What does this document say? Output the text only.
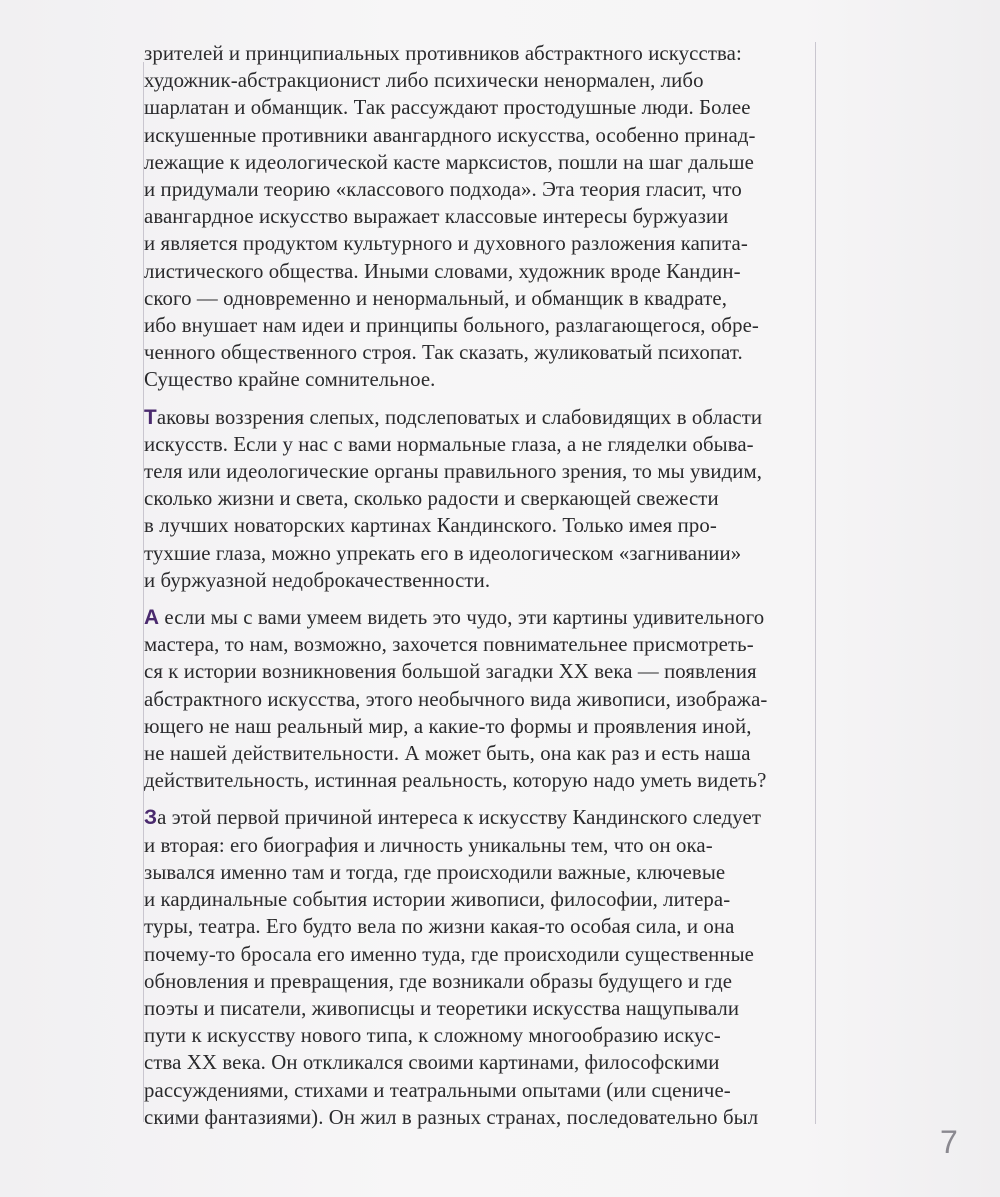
зрителей и принципиальных противников абстрактного искусства:
художник-абстракционист либо психически ненормален, либо
шарлатан и обманщик. Так рассуждают простодушные люди. Более
искушенные противники авангардного искусства, особенно принад-
лежащие к идеологической касте марксистов, пошли на шаг дальше
и придумали теорию «классового подхода». Эта теория гласит, что
авангардное искусство выражает классовые интересы буржуазии
и является продуктом культурного и духовного разложения капита-
листического общества. Иными словами, художник вроде Кандин-
ского — одновременно и ненормальный, и обманщик в квадрате,
ибо внушает нам идеи и принципы больного, разлагающегося, обре-
ченного общественного строя. Так сказать, жуликоватый психопат.
Существо крайне сомнительное.
Таковы воззрения слепых, подслеповатых и слабовидящих в области
искусств. Если у нас с вами нормальные глаза, а не гляделки обыва-
теля или идеологические органы правильного зрения, то мы увидим,
сколько жизни и света, сколько радости и сверкающей свежести
в лучших новаторских картинах Кандинского. Только имея про-
тухшие глаза, можно упрекать его в идеологическом «загнивании»
и буржуазной недоброкачественности.
А если мы с вами умеем видеть это чудо, эти картины удивительного
мастера, то нам, возможно, захочется повнимательнее присмотреть-
ся к истории возникновения большой загадки XX века — появления
абстрактного искусства, этого необычного вида живописи, изобража-
ющего не наш реальный мир, а какие-то формы и проявления иной,
не нашей действительности. А может быть, она как раз и есть наша
действительность, истинная реальность, которую надо уметь видеть?
За этой первой причиной интереса к искусству Кандинского следует
и вторая: его биография и личность уникальны тем, что он ока-
зывался именно там и тогда, где происходили важные, ключевые
и кардинальные события истории живописи, философии, литера-
туры, театра. Его будто вела по жизни какая-то особая сила, и она
почему-то бросала его именно туда, где происходили существенные
обновления и превращения, где возникали образы будущего и где
поэты и писатели, живописцы и теоретики искусства нащупывали
пути к искусству нового типа, к сложному многообразию искус-
ства XX века. Он откликался своими картинами, философскими
рассуждениями, стихами и театральными опытами (или сцениче-
скими фантазиями). Он жил в разных странах, последовательно был
7
